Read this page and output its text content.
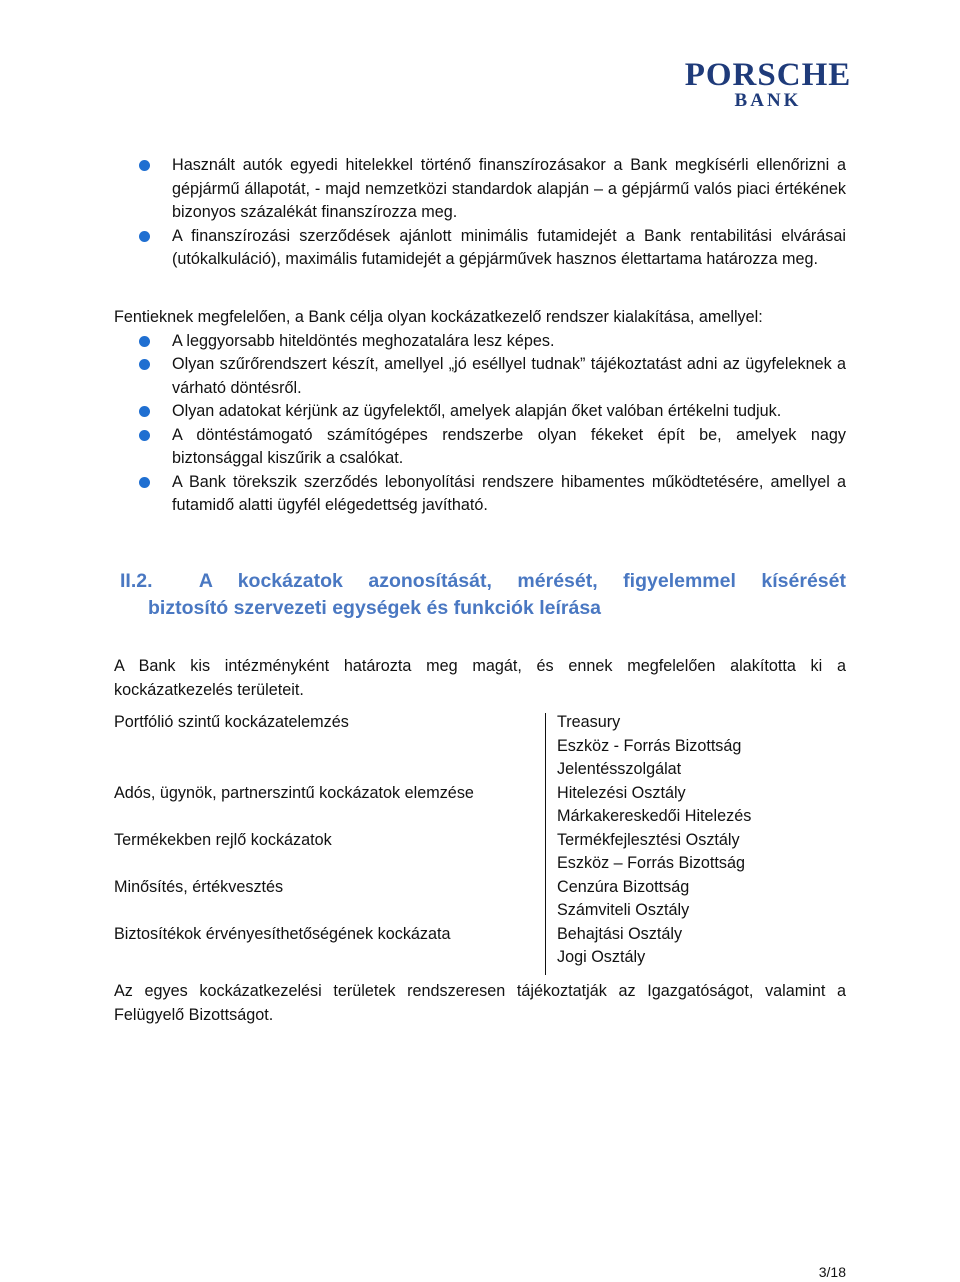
PORSCHE
BANK
Használt autók egyedi hitelekkel történő finanszírozásakor a Bank megkísérli ellenőrizni a gépjármű állapotát, - majd nemzetközi standardok alapján – a gépjármű valós piaci értékének bizonyos százalékát finanszírozza meg.
A finanszírozási szerződések ajánlott minimális futamidejét a Bank rentabilitási elvárásai (utókalkuláció), maximális futamidejét a gépjárművek hasznos élettartama határozza meg.
Fentieknek megfelelően, a Bank célja olyan kockázatkezelő rendszer kialakítása, amellyel:
A leggyorsabb hiteldöntés meghozatalára lesz képes.
Olyan szűrőrendszert készít, amellyel „jó eséllyel tudnak” tájékoztatást adni az ügyfeleknek a várható döntésről.
Olyan adatokat kérjünk az ügyfelektől, amelyek alapján őket valóban értékelni tudjuk.
A döntéstámogató számítógépes rendszerbe olyan fékeket épít be, amelyek nagy biztonsággal kiszűrik a csalókat.
A Bank törekszik szerződés lebonyolítási rendszere hibamentes működtetésére, amellyel a futamidő alatti ügyfél elégedettség javítható.
II.2. A kockázatok azonosítását, mérését, figyelemmel kísérését
biztosító szervezeti egységek és funkciók leírása
A Bank kis intézményként határozta meg magát, és ennek megfelelően alakította ki a kockázatkezelés területeit.
Portfólió szintű kockázatelemzés
Adós, ügynök, partnerszintű kockázatok elemzése
Termékekben rejlő kockázatok
Minősítés, értékvesztés
Biztosítékok érvényesíthetőségének kockázata
Treasury
Eszköz - Forrás Bizottság
Jelentésszolgálat
Hitelezési Osztály
Márkakereskedői Hitelezés
Termékfejlesztési Osztály
Eszköz – Forrás Bizottság
Cenzúra Bizottság
Számviteli Osztály
Behajtási Osztály
Jogi Osztály
Az egyes kockázatkezelési területek rendszeresen tájékoztatják az Igazgatóságot, valamint a Felügyelő Bizottságot.
3/18
